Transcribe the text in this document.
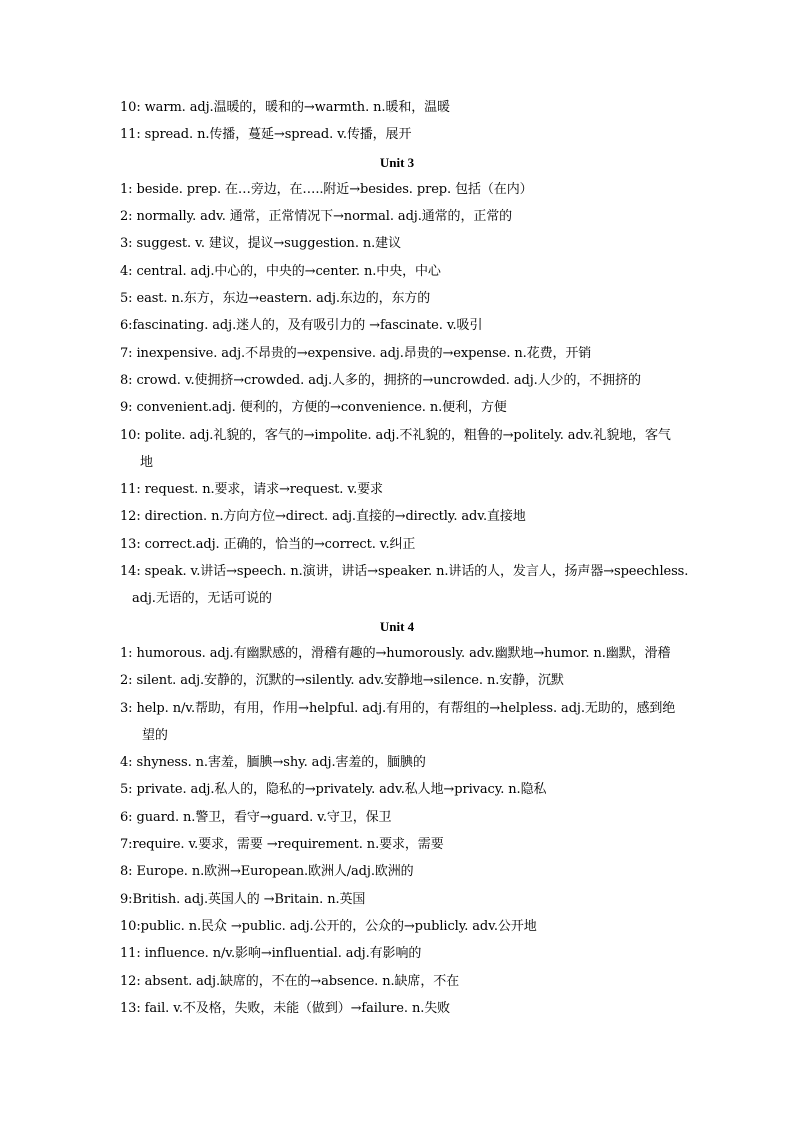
10: warm. adj.温暖的，暖和的→warmth. n.暖和，温暖
11: spread. n.传播，蔓延→spread. v.传播，展开
Unit 3
1: beside. prep. 在…旁边，在…..附近→besides. prep. 包括（在内）
2: normally. adv. 通常，正常情况下→normal. adj.通常的，正常的
3: suggest. v. 建议，提议→suggestion. n.建议
4: central. adj.中心的，中央的→center. n.中央，中心
5: east. n.东方，东边→eastern. adj.东边的，东方的
6:fascinating. adj.迷人的，及有吸引力的 →fascinate. v.吸引
7: inexpensive. adj.不昂贵的→expensive. adj.昂贵的→expense. n.花费，开销
8: crowd. v.使拥挤→crowded. adj.人多的，拥挤的→uncrowded. adj.人少的，不拥挤的
9: convenient.adj. 便利的，方便的→convenience. n.便利，方便
10: polite. adj.礼貌的，客气的→impolite. adj.不礼貌的，粗鲁的→politely. adv.礼貌地，客气
地
11: request. n.要求，请求→request. v.要求
12: direction. n.方向方位→direct. adj.直接的→directly. adv.直接地
13: correct.adj. 正确的，恰当的→correct. v.纠正
14: speak. v.讲话→speech. n.演讲，讲话→speaker. n.讲话的人，发言人，扬声器→speechless.
adj.无语的，无话可说的
Unit 4
1: humorous. adj.有幽默感的，滑稽有趣的→humorously. adv.幽默地→humor. n.幽默，滑稽
2: silent. adj.安静的，沉默的→silently. adv.安静地→silence. n.安静，沉默
3: help. n/v.帮助，有用，作用→helpful. adj.有用的，有帮组的→helpless. adj.无助的，感到绝
望的
4: shyness. n.害羞，腼腆→shy. adj.害羞的，腼腆的
5: private. adj.私人的，隐私的→privately. adv.私人地→privacy. n.隐私
6: guard. n.警卫，看守→guard. v.守卫，保卫
7:require. v.要求，需要 →requirement. n.要求，需要
8: Europe. n.欧洲→European.欧洲人/adj.欧洲的
9:British. adj.英国人的 →Britain. n.英国
10:public. n.民众 →public. adj.公开的，公众的→publicly. adv.公开地
11: influence. n/v.影响→influential. adj.有影响的
12: absent. adj.缺席的，不在的→absence. n.缺席，不在
13: fail. v.不及格，失败，未能（做到）→failure. n.失败
